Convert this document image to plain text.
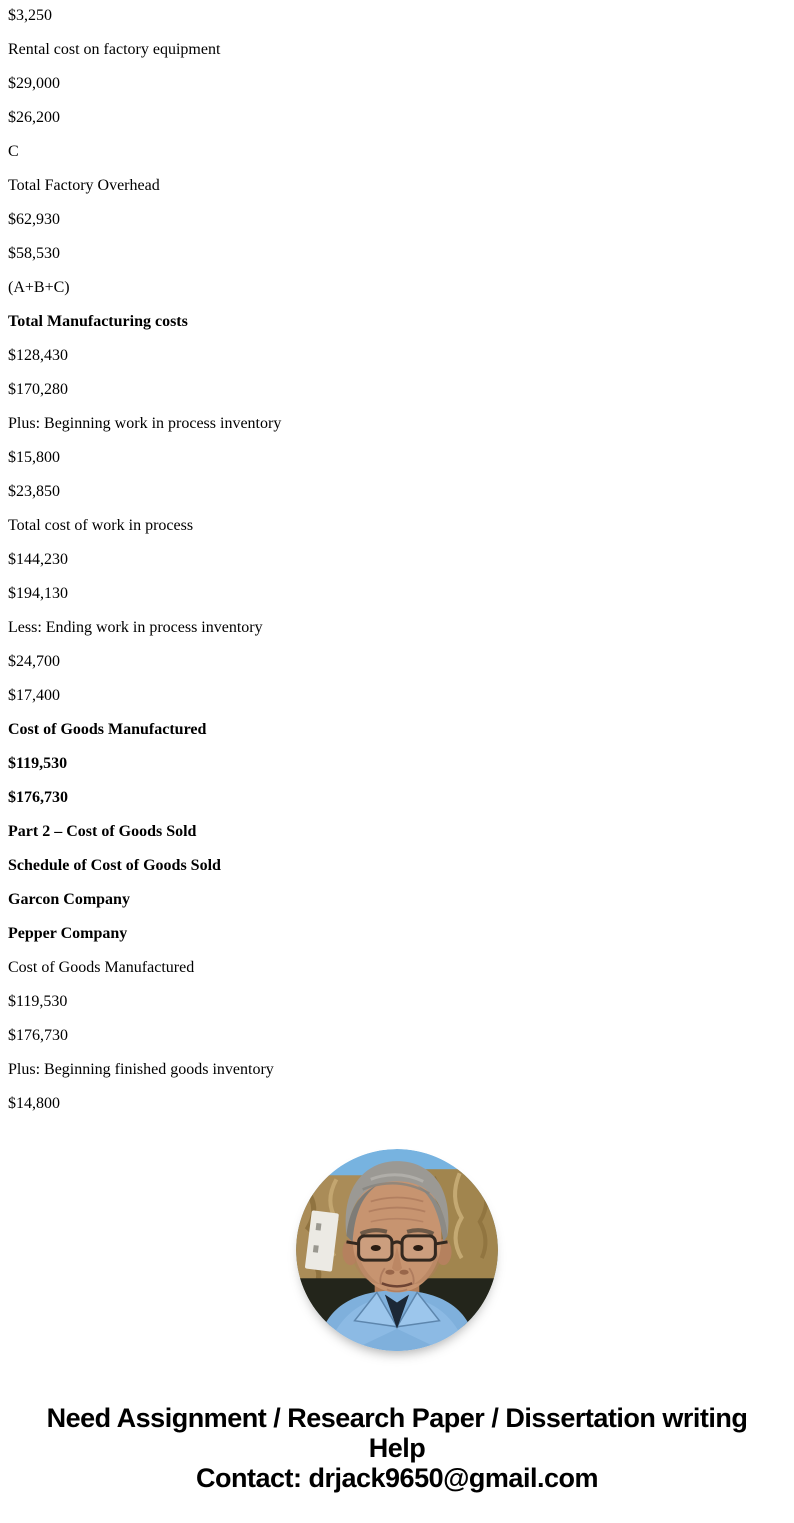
$3,250

Rental cost on factory equipment

$29,000

$26,200

C

Total Factory Overhead

$62,930

$58,530

(A+B+C)

Total Manufacturing costs

$128,430

$170,280

Plus: Beginning work in process inventory

$15,800

$23,850

Total cost of work in process

$144,230

$194,130

Less: Ending work in process inventory

$24,700

$17,400

Cost of Goods Manufactured

$119,530

$176,730

Part 2 – Cost of Goods Sold

Schedule of Cost of Goods Sold

Garcon Company

Pepper Company

Cost of Goods Manufactured

$119,530

$176,730

Plus: Beginning finished goods inventory

$14,800

Need Assignment / Research Paper / Dissertation writing Help
Contact: drjack9650@gmail.com
